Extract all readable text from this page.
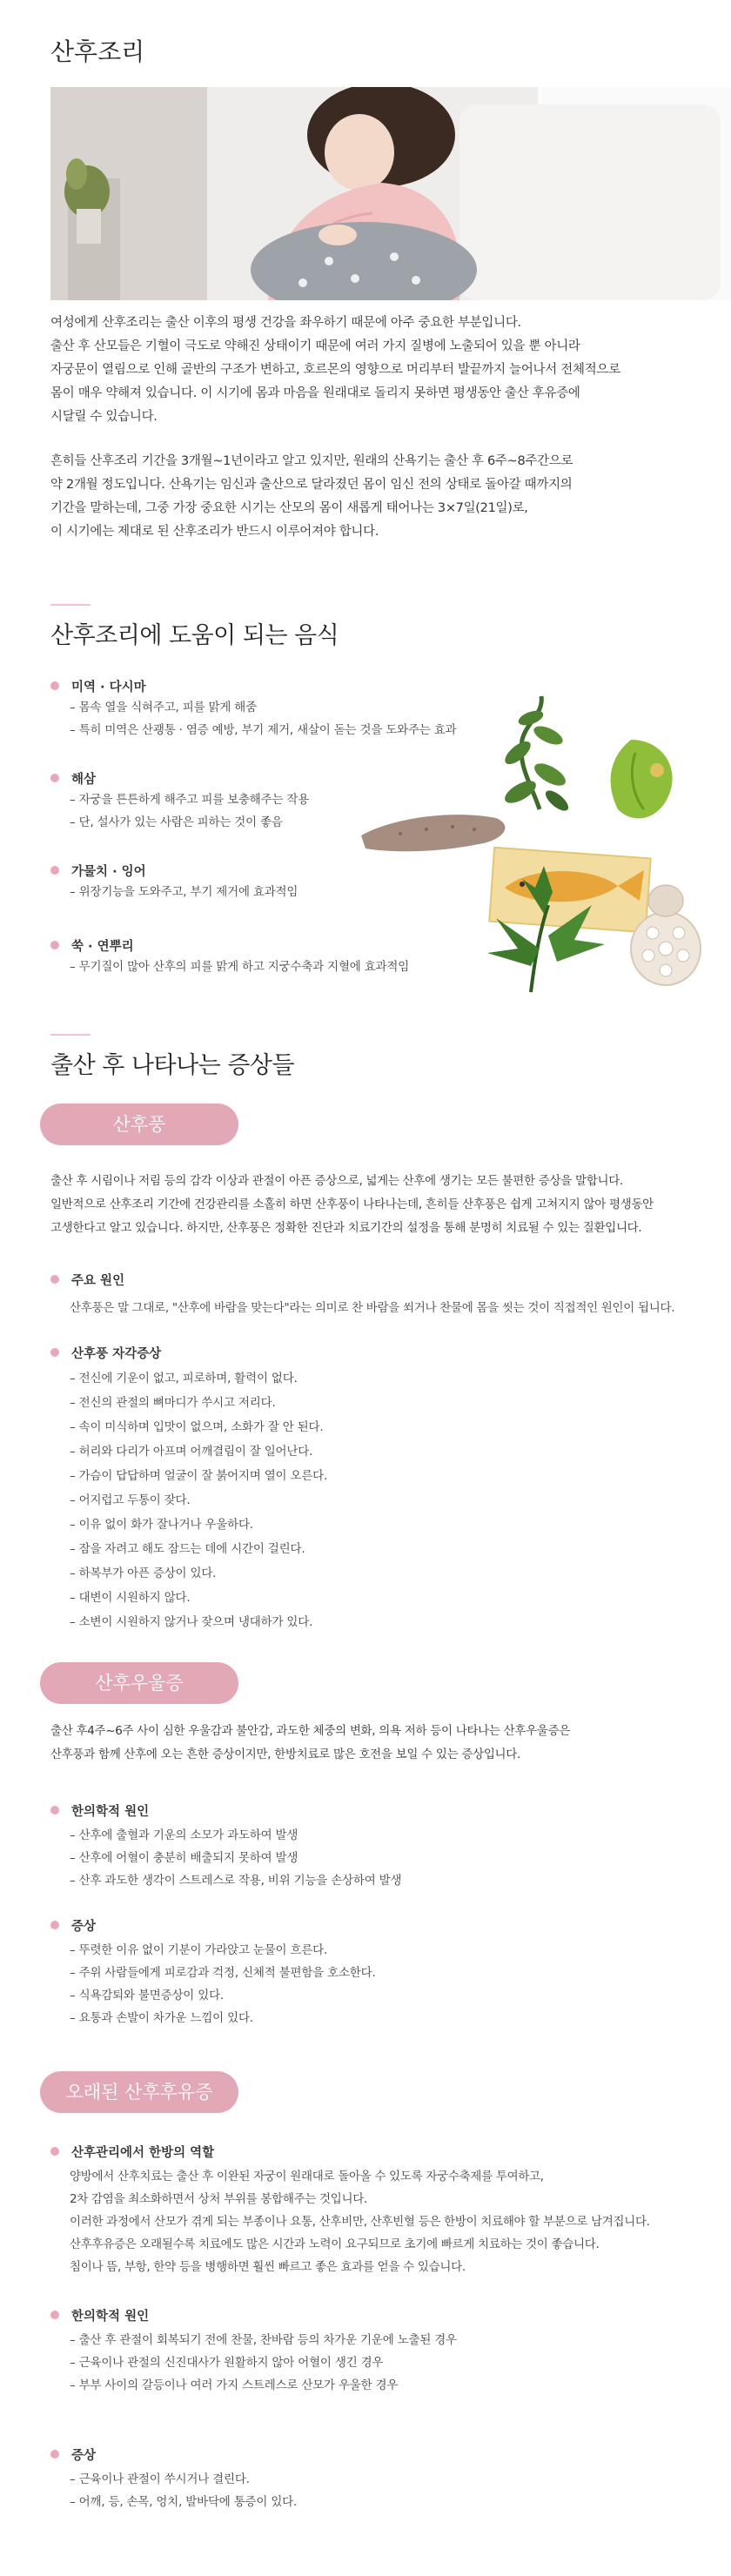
산후조리

여성에게 산후조리는 출산 이후의 평생 건강을 좌우하기 때문에 아주 중요한 부분입니다.
출산 후 산모들은 기혈이 극도로 약해진 상태이기 때문에 여러 가지 질병에 노출되어 있을 뿐 아니라
자궁문이 열림으로 인해 골반의 구조가 변하고, 호르몬의 영향으로 머리부터 발끝까지 늘어나서 전체적으로
몸이 매우 약해져 있습니다. 이 시기에 몸과 마음을 원래대로 돌리지 못하면 평생동안 출산 후유증에
시달릴 수 있습니다.

흔히들 산후조리 기간을 3개월~1년이라고 알고 있지만, 원래의 산욕기는 출산 후 6주~8주간으로
약 2개월 정도입니다. 산욕기는 임신과 출산으로 달라졌던 몸이 임신 전의 상태로 돌아갈 때까지의
기간을 말하는데, 그중 가장 중요한 시기는 산모의 몸이 새롭게 태어나는 3×7일(21일)로,
이 시기에는 제대로 된 산후조리가 반드시 이루어져야 합니다.

산후조리에 도움이 되는 음식
미역 · 다시마
– 몸속 열을 식혀주고, 피를 맑게 해줌
– 특히 미역은 산괭통 · 염증 예방, 부기 제거, 새살이 돋는 것을 도와주는 효과
해삼
– 자궁을 튼튼하게 해주고 피를 보충해주는 작용
– 단, 설사가 있는 사람은 피하는 것이 좋음
가물치 · 잉어
– 위장기능을 도와주고, 부기 제거에 효과적임
쑥 · 연뿌리
– 무기질이 많아 산후의 피를 맑게 하고 지궁수축과 지혈에 효과적임
출산 후 나타나는 증상들
산후풍
출산 후 시림이나 저림 등의 감각 이상과 관절이 아픈 증상으로, 넓게는 산후에 생기는 모든 불편한 증상을 말합니다.
일반적으로 산후조리 기간에 건강관리를 소홀히 하면 산후풍이 나타나는데, 흔히들 산후풍은 쉽게 고쳐지지 않아 평생동안
고생한다고 알고 있습니다. 하지만, 산후풍은 정확한 진단과 치료기간의 설정을 통해 분명히 치료될 수 있는 질환입니다.
주요 원인
산후풍은 말 그대로, "산후에 바람을 맞는다"라는 의미로 찬 바람을 쐬거나 찬물에 몸을 씻는 것이 직접적인 원인이 됩니다.
산후풍 자각증상
– 전신에 기운이 없고, 피로하며, 활력이 없다.
– 전신의 관절의 뼈마디가 쑤시고 저리다.
– 속이 미식하며 입맛이 없으며, 소화가 잘 안 된다.
– 허리와 다리가 아프며 어깨결림이 잘 일어난다.
– 가슴이 답답하며 얼굴이 잘 붉어지며 열이 오른다.
– 어지럽고 두통이 잦다.
– 이유 없이 화가 잘나거나 우울하다.
– 잠을 자려고 해도 잠드는 데에 시간이 걸린다.
– 하복부가 아픈 증상이 있다.
– 대변이 시원하지 않다.
– 소변이 시원하지 않거나 잦으며 냉대하가 있다.
산후우울증
출산 후4주~6주 사이 심한 우울감과 불안감, 과도한 체중의 변화, 의욕 저하 등이 나타나는 산후우울증은
산후풍과 함께 산후에 오는 흔한 증상이지만, 한방치료로 많은 호전을 보일 수 있는 증상입니다.
한의학적 원인
– 산후에 출혈과 기운의 소모가 과도하여 발생
– 산후에 어혈이 충분히 배출되지 못하여 발생
– 산후 과도한 생각이 스트레스로 작용, 비위 기능을 손상하여 발생
증상
– 뚜렷한 이유 없이 기분이 가라앉고 눈물이 흐른다.
– 주위 사람들에게 피로감과 걱정, 신체적 불편함을 호소한다.
– 식욕감퇴와 불면증상이 있다.
– 요통과 손발이 차가운 느낌이 있다.
오래된 산후후유증
산후관리에서 한방의 역할
양방에서 산후치료는 출산 후 이완된 자궁이 원래대로 돌아올 수 있도록 자궁수축제를 투여하고,
2차 감염을 최소화하면서 상처 부위를 봉합해주는 것입니다.
이러한 과정에서 산모가 겪게 되는 부종이나 요통, 산후비만, 산후빈혈 등은 한방이 치료해야 할 부분으로 남겨집니다.
산후후유증은 오래될수록 치료에도 많은 시간과 노력이 요구되므로 초기에 빠르게 치료하는 것이 좋습니다.
침이나 뜸, 부항, 한약 등을 병행하면 훨씬 빠르고 좋은 효과를 얻을 수 있습니다.
한의학적 원인
– 출산 후 관절이 회복되기 전에 찬물, 찬바람 등의 차가운 기운에 노출된 경우
– 근육이나 관절의 신진대사가 원활하지 않아 어혈이 생긴 경우
– 부부 사이의 갈등이나 여러 가지 스트레스로 산모가 우울한 경우
증상
– 근육이나 관절이 쑤시거나 결린다.
– 어깨, 등, 손목, 엉치, 발바닥에 통증이 있다.
